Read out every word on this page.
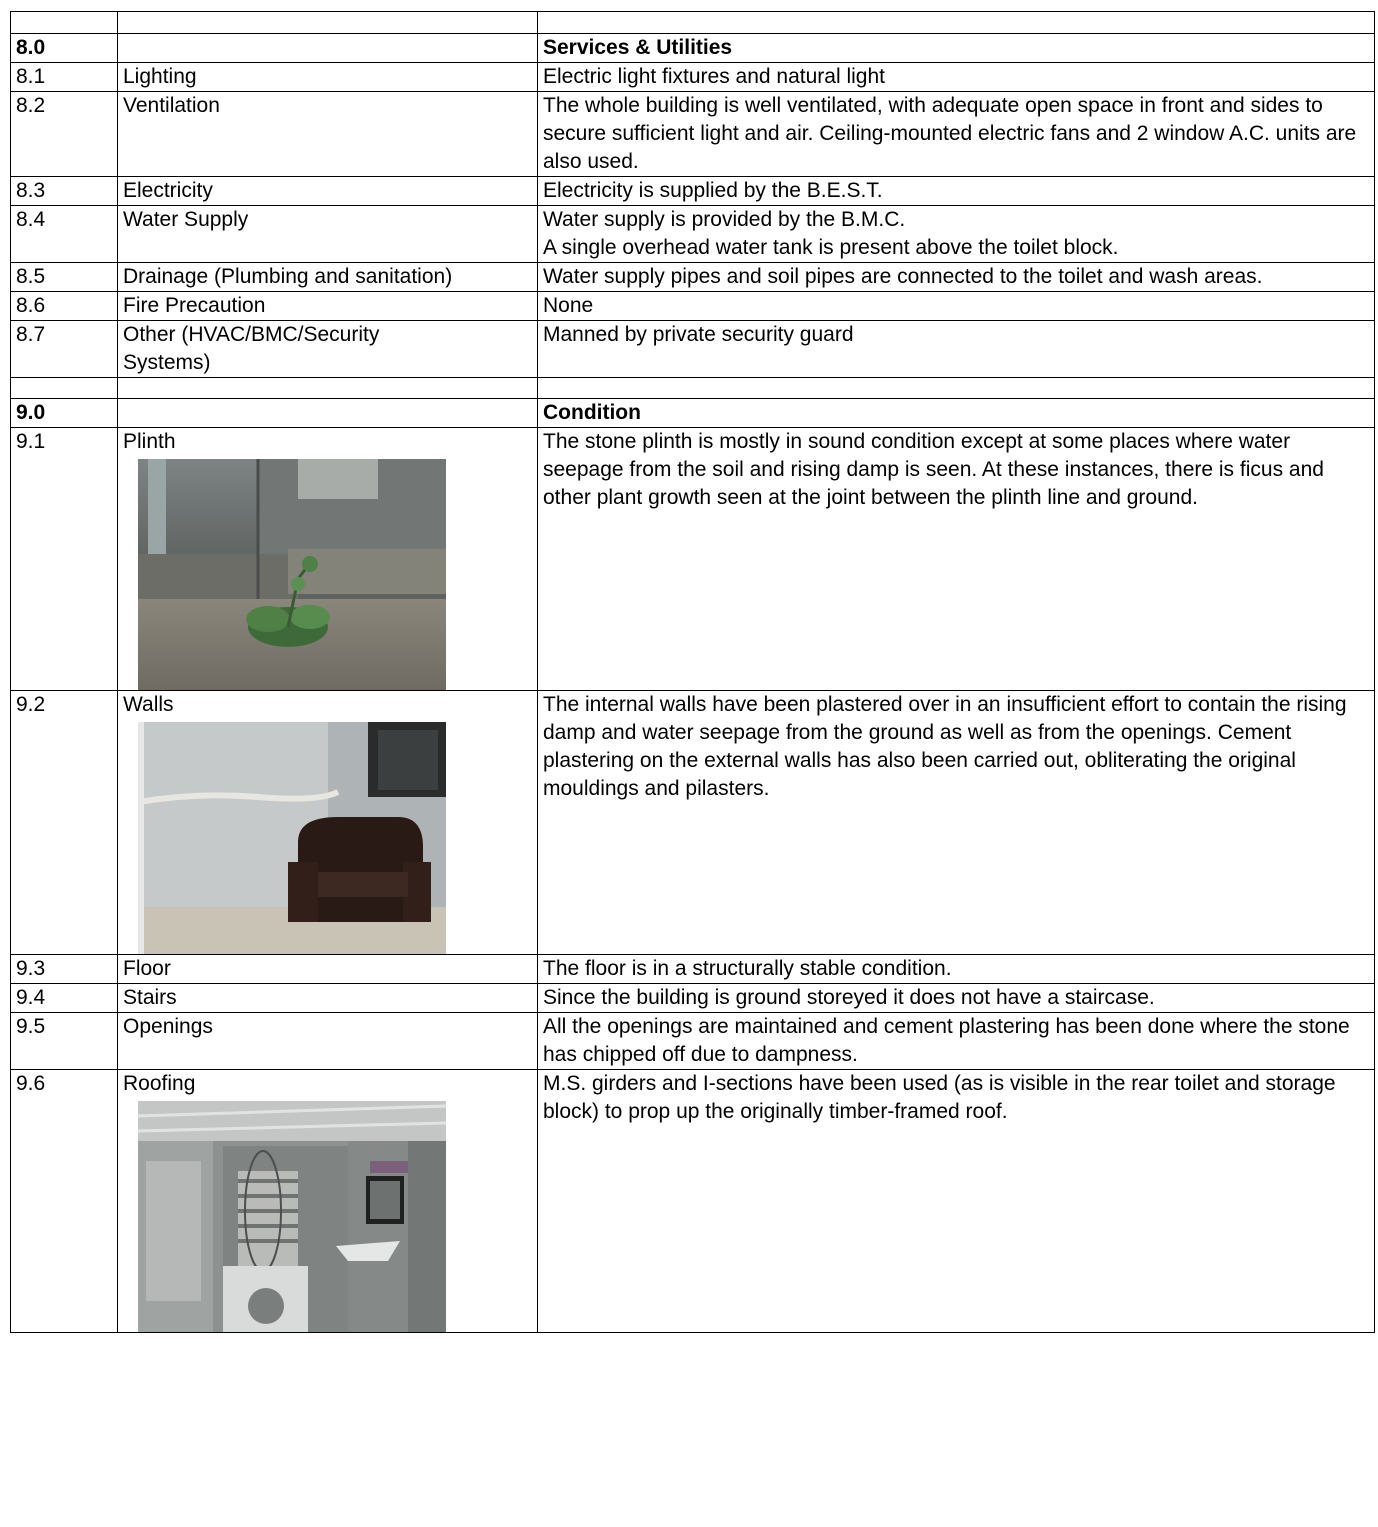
8.0		Services & Utilities
8.1	Lighting	Electric light fixtures and natural light
8.2	Ventilation	The whole building is well ventilated, with adequate open space in front and sides to secure sufficient light and air. Ceiling-mounted electric fans and 2 window A.C. units are also used.
8.3	Electricity	Electricity is supplied by the B.E.S.T.
8.4	Water Supply	Water supply is provided by the B.M.C.
A single overhead water tank is present above the toilet block.

8.5	Drainage (Plumbing and sanitation)	Water supply pipes and soil pipes are connected to the toilet and wash areas.
8.6	Fire Precaution	None
8.7	Other (HVAC/BMC/Security Systems)	Manned by private security guard

9.0		Condition
9.1	Plinth	The stone plinth is mostly in sound condition except at some places where water seepage from the soil and rising damp is seen. At these instances, there is ficus and other plant growth seen at the joint between the plinth line and ground.
9.2	Walls	The internal walls have been plastered over in an insufficient effort to contain the rising damp and water seepage from the ground as well as from the openings. Cement plastering on the external walls has also been carried out, obliterating the original mouldings and pilasters.
9.3	Floor	The floor is in a structurally stable condition.
9.4	Stairs	Since the building is ground storeyed it does not have a staircase.
9.5	Openings	All the openings are maintained and cement plastering has been done where the stone has chipped off due to dampness.
9.6	Roofing	M.S. girders and I-sections have been used (as is visible in the rear toilet and storage block) to prop up the originally timber-framed roof.
